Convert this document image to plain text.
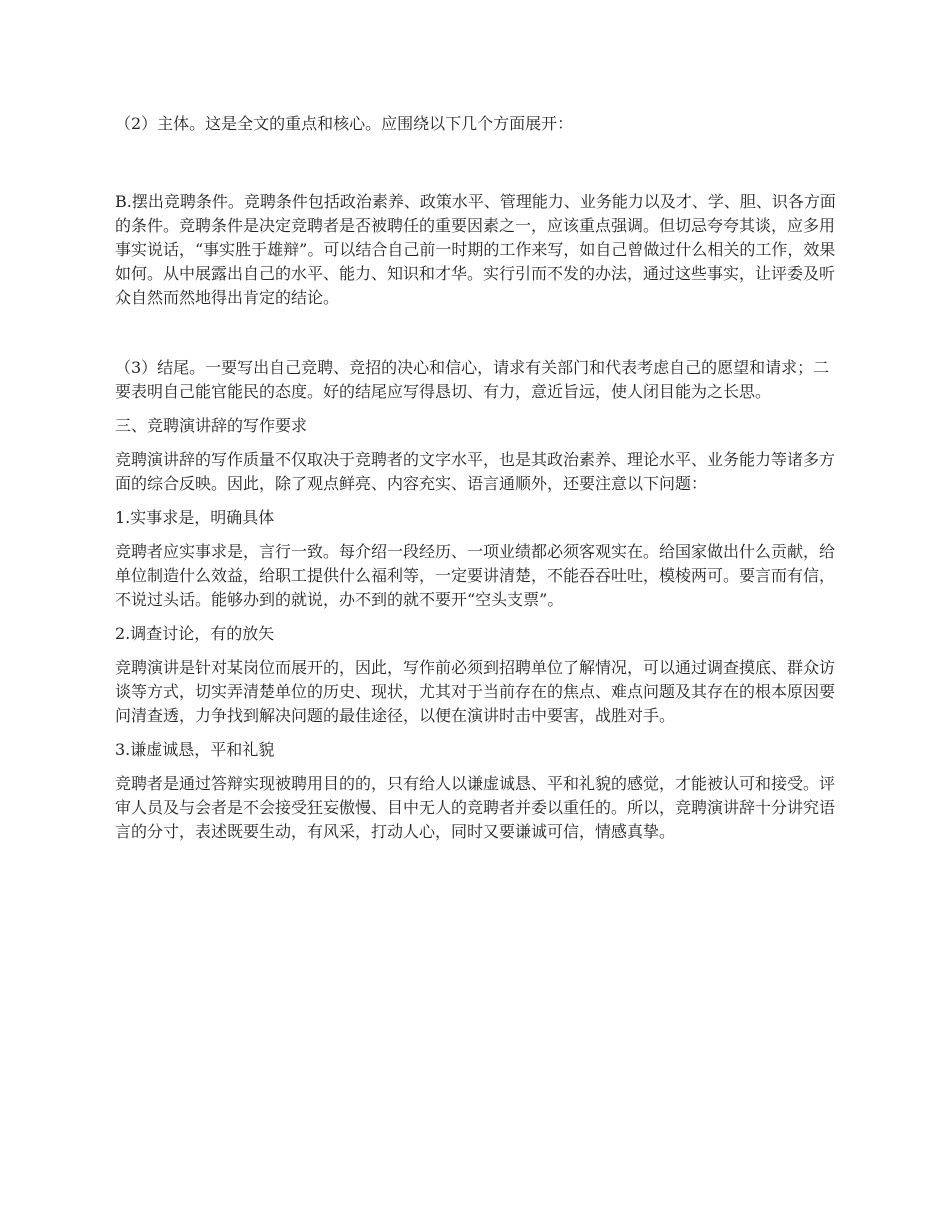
（2）主体。这是全文的重点和核心。应围绕以下几个方面展开：

B.摆出竞聘条件。竞聘条件包括政治素养、政策水平、管理能力、业务能力以及才、学、胆、识各方面的条件。竞聘条件是决定竞聘者是否被聘任的重要因素之一，应该重点强调。但切忌夸夸其谈，应多用事实说话，“事实胜于雄辩”。可以结合自己前一时期的工作来写，如自己曾做过什么相关的工作，效果如何。从中展露出自己的水平、能力、知识和才华。实行引而不发的办法，通过这些事实，让评委及听众自然而然地得出肯定的结论。

（3）结尾。一要写出自己竞聘、竞招的决心和信心，请求有关部门和代表考虑自己的愿望和请求；二要表明自己能官能民的态度。好的结尾应写得恳切、有力，意近旨远，使人闭目能为之长思。

三、竞聘演讲辞的写作要求

竞聘演讲辞的写作质量不仅取决于竞聘者的文字水平，也是其政治素养、理论水平、业务能力等诸多方面的综合反映。因此，除了观点鲜亮、内容充实、语言通顺外，还要注意以下问题：

1.实事求是，明确具体

竞聘者应实事求是，言行一致。每介绍一段经历、一项业绩都必须客观实在。给国家做出什么贡献，给单位制造什么效益，给职工提供什么福利等，一定要讲清楚，不能吞吞吐吐，模棱两可。要言而有信，不说过头话。能够办到的就说，办不到的就不要开“空头支票”。

2.调查讨论，有的放矢

竞聘演讲是针对某岗位而展开的，因此，写作前必须到招聘单位了解情况，可以通过调查摸底、群众访谈等方式，切实弄清楚单位的历史、现状，尤其对于当前存在的焦点、难点问题及其存在的根本原因要问清查透，力争找到解决问题的最佳途径，以便在演讲时击中要害，战胜对手。

3.谦虚诚恳，平和礼貌

竞聘者是通过答辩实现被聘用目的的，只有给人以谦虚诚恳、平和礼貌的感觉，才能被认可和接受。评审人员及与会者是不会接受狂妄傲慢、目中无人的竞聘者并委以重任的。所以，竞聘演讲辞十分讲究语言的分寸，表述既要生动，有风采，打动人心，同时又要谦诚可信，情感真挚。
